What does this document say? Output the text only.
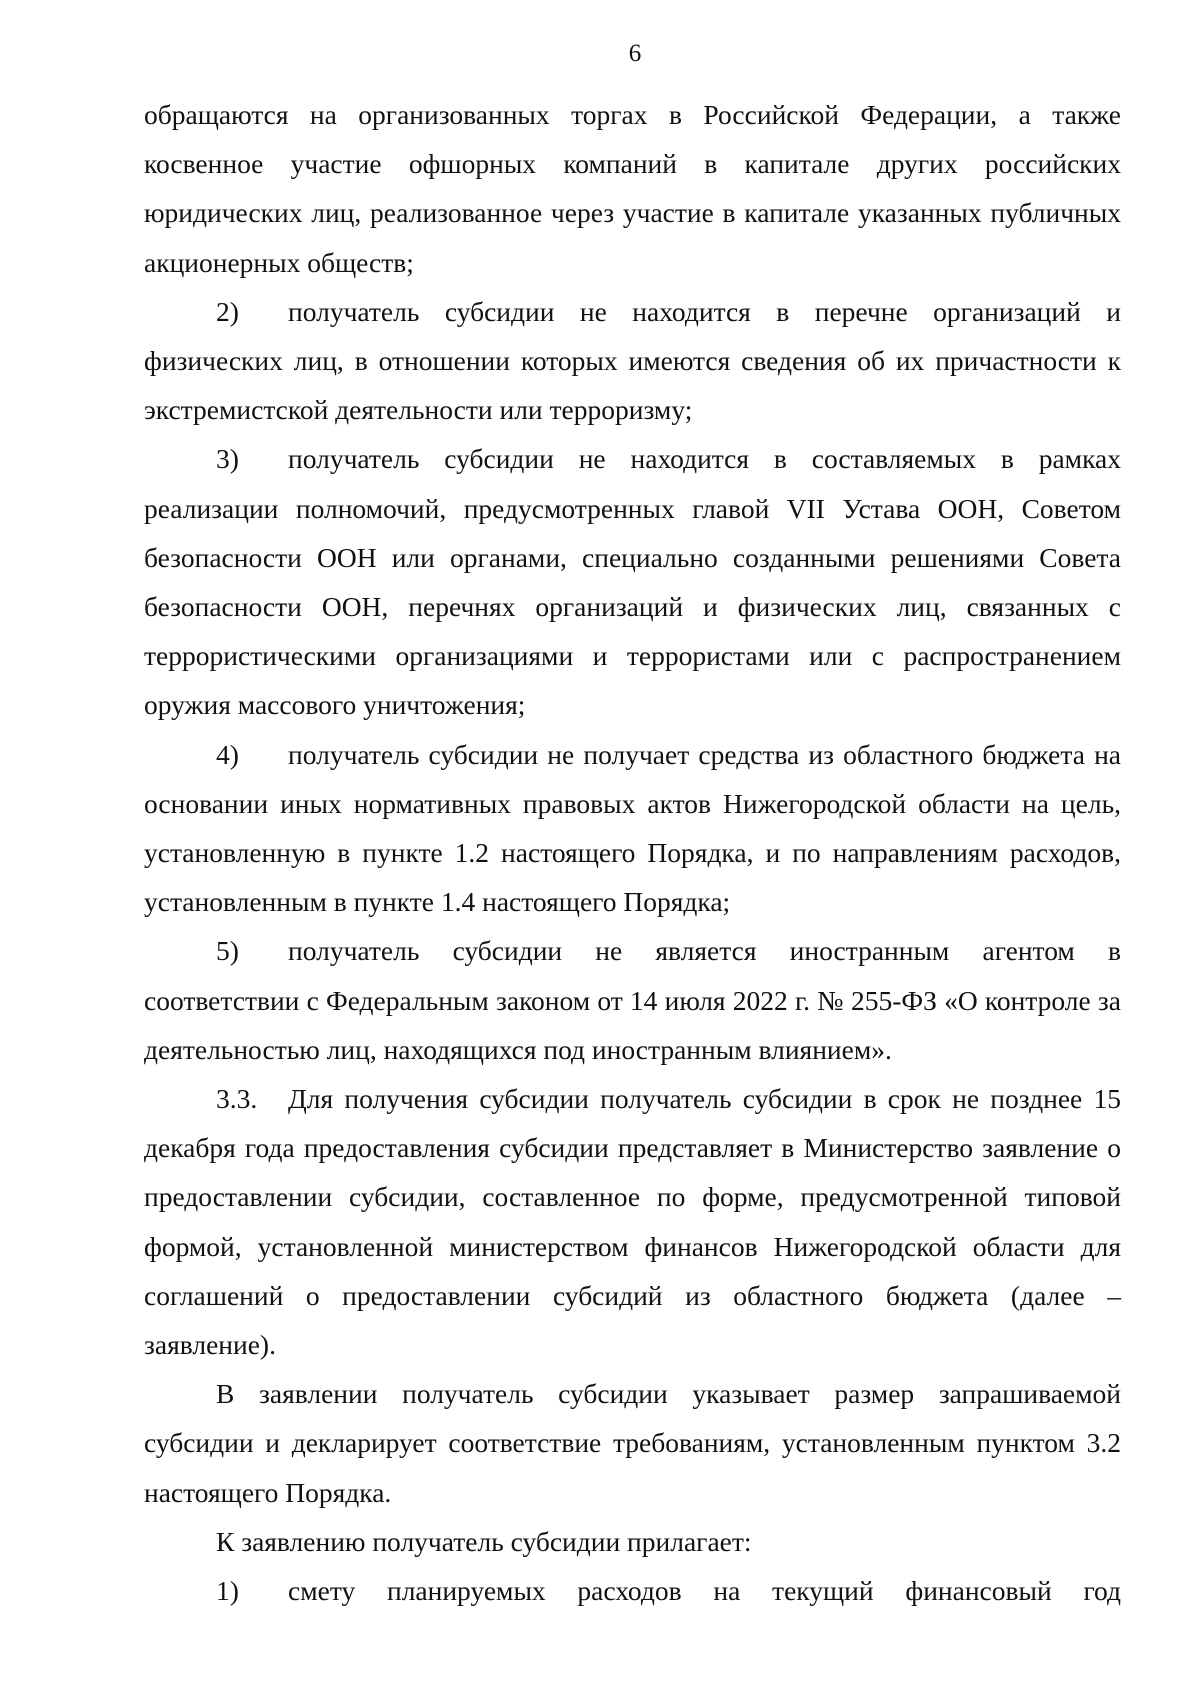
6

обращаются на организованных торгах в Российской Федерации, а также косвенное участие офшорных компаний в капитале других российских юридических лиц, реализованное через участие в капитале указанных публичных акционерных обществ;

2) получатель субсидии не находится в перечне организаций и физических лиц, в отношении которых имеются сведения об их причастности к экстремистской деятельности или терроризму;

3) получатель субсидии не находится в составляемых в рамках реализации полномочий, предусмотренных главой VII Устава ООН, Советом безопасности ООН или органами, специально созданными решениями Совета безопасности ООН, перечнях организаций и физических лиц, связанных с террористическими организациями и террористами или с распространением оружия массового уничтожения;

4) получатель субсидии не получает средства из областного бюджета на основании иных нормативных правовых актов Нижегородской области на цель, установленную в пункте 1.2 настоящего Порядка, и по направлениям расходов, установленным в пункте 1.4 настоящего Порядка;

5) получатель субсидии не является иностранным агентом в соответствии с Федеральным законом от 14 июля 2022 г. № 255-ФЗ «О контроле за деятельностью лиц, находящихся под иностранным влиянием».

3.3. Для получения субсидии получатель субсидии в срок не позднее 15 декабря года предоставления субсидии представляет в Министерство заявление о предоставлении субсидии, составленное по форме, предусмотренной типовой формой, установленной министерством финансов Нижегородской области для соглашений о предоставлении субсидий из областного бюджета (далее – заявление).

В заявлении получатель субсидии указывает размер запрашиваемой субсидии и декларирует соответствие требованиям, установленным пунктом 3.2 настоящего Порядка.

К заявлению получатель субсидии прилагает:

1) смету планируемых расходов на текущий финансовый год
